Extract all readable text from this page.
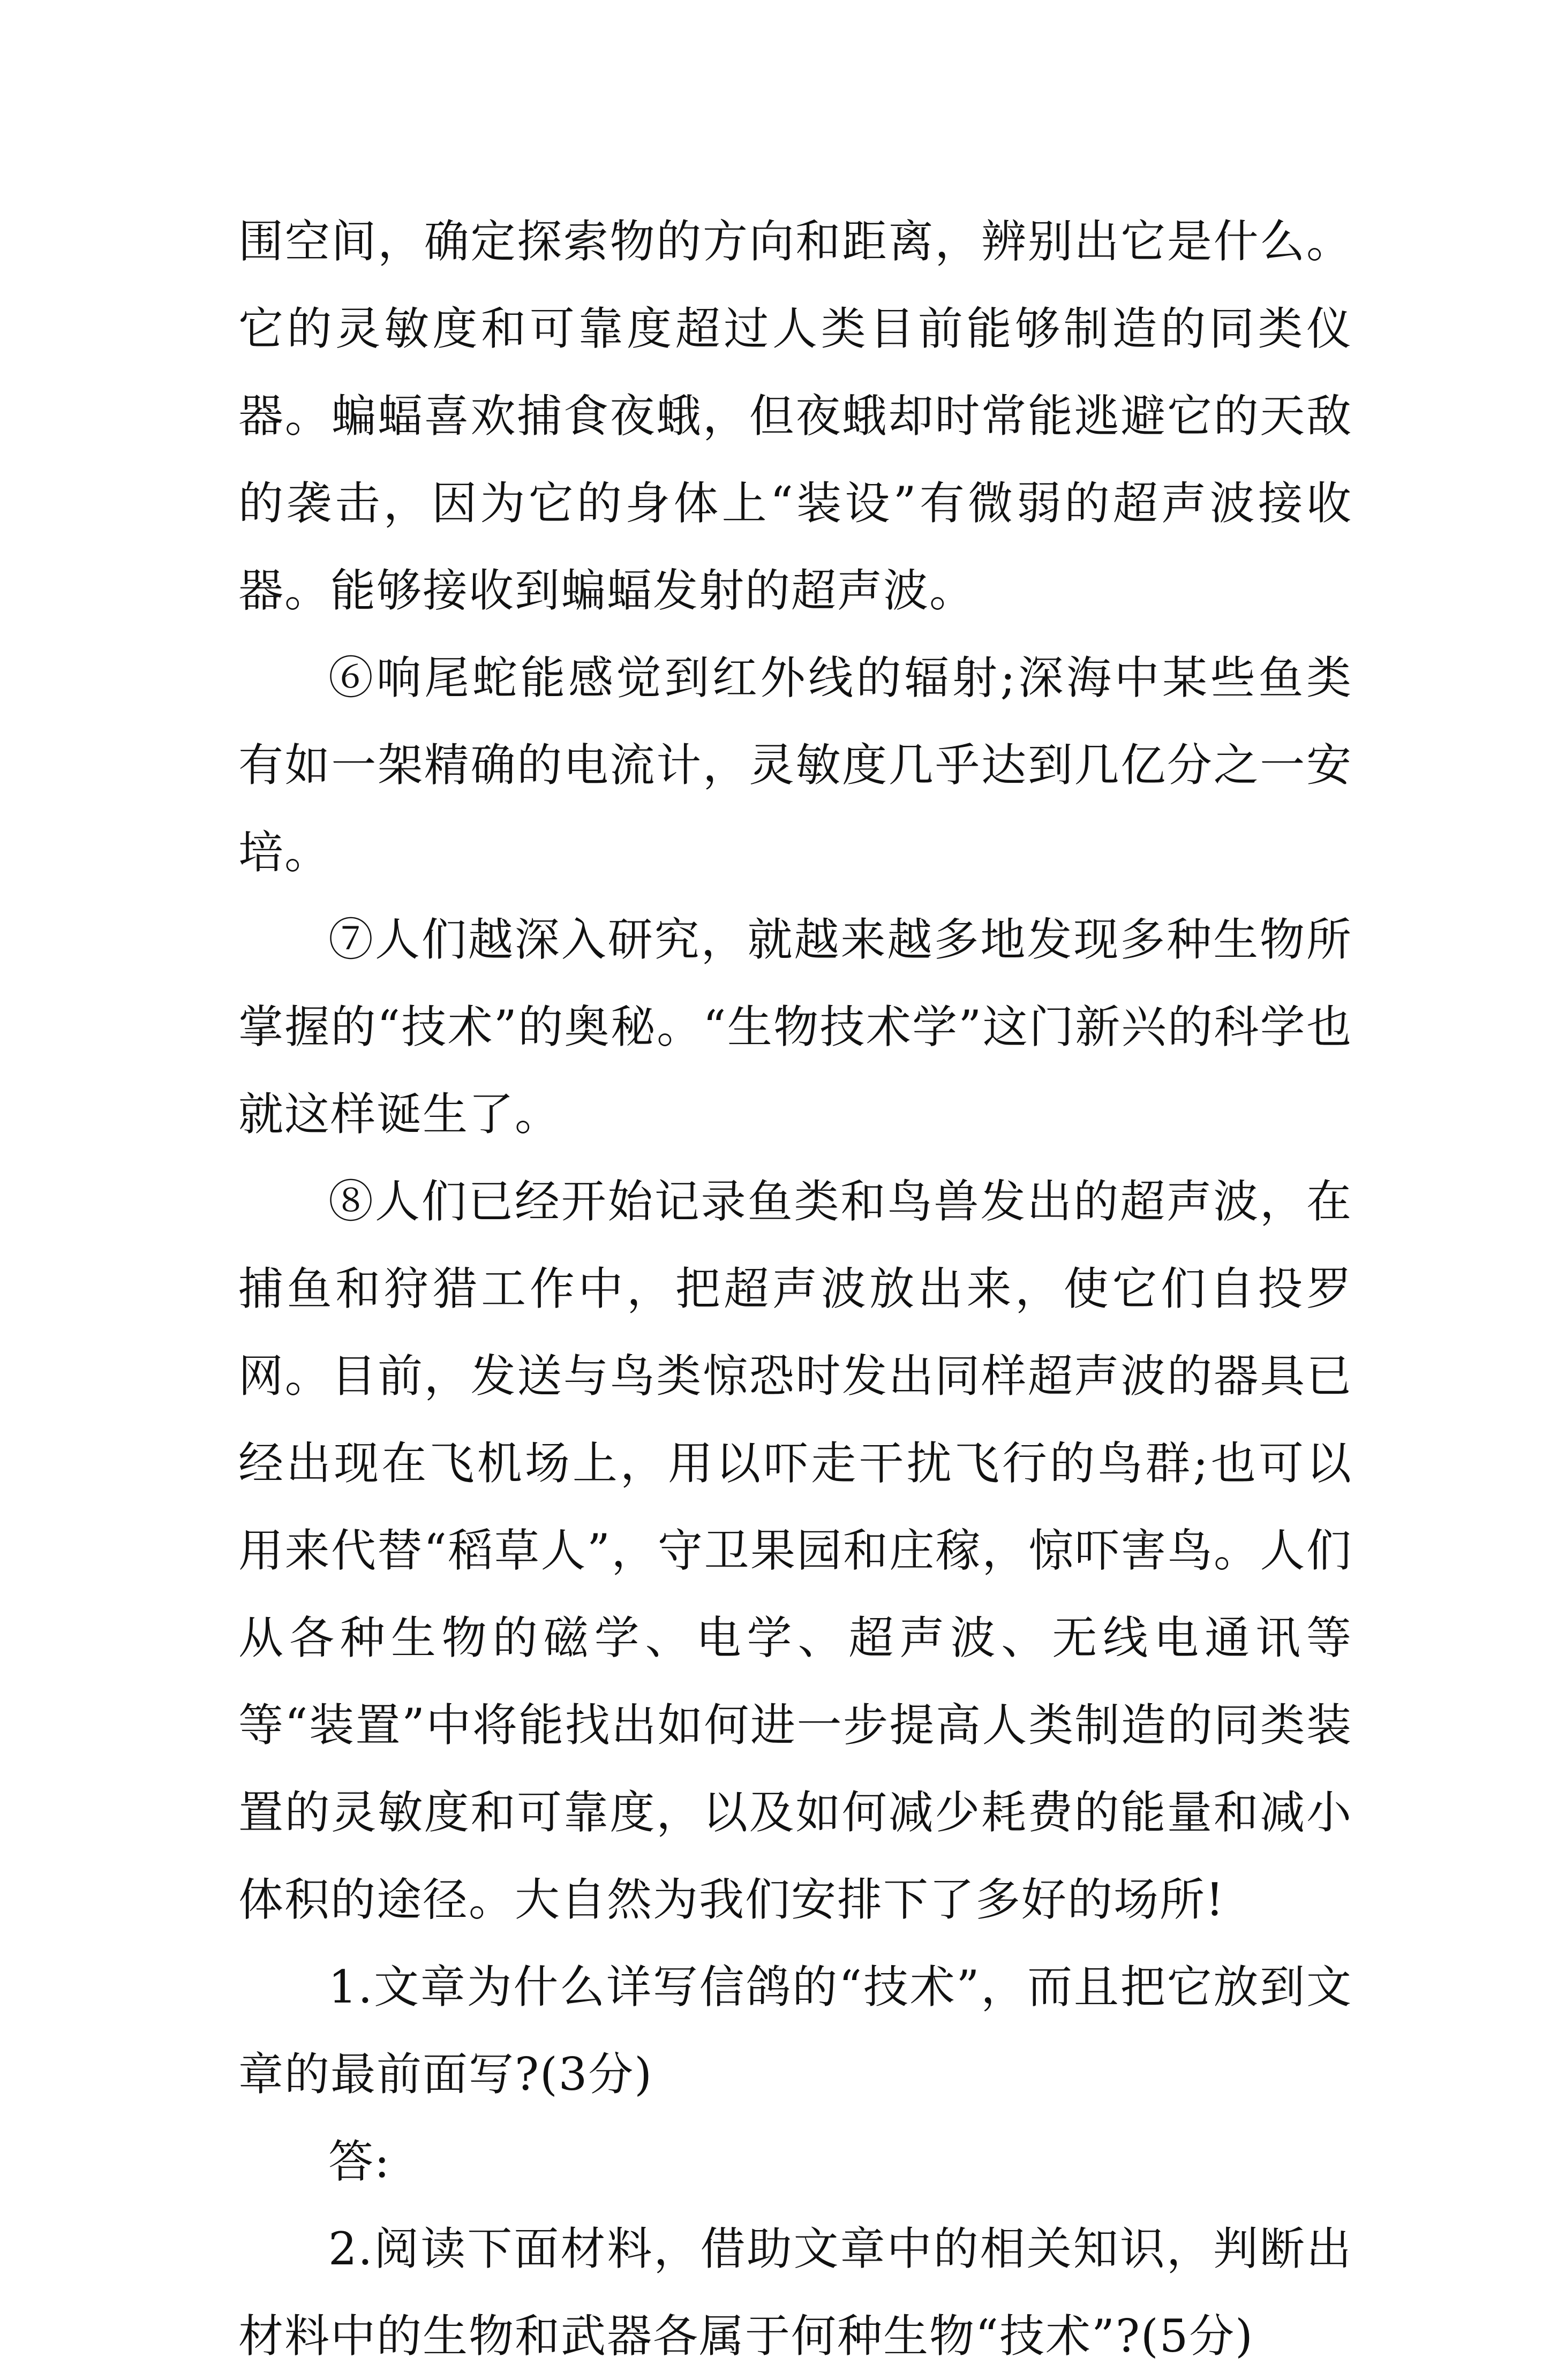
围空间，确定探索物的方向和距离，辨别出它是什么。它的灵敏度和可靠度超过人类目前能够制造的同类仪器。蝙蝠喜欢捕食夜蛾，但夜蛾却时常能逃避它的天敌的袭击，因为它的身体上“装设”有微弱的超声波接收器。能够接收到蝙蝠发射的超声波。

⑥响尾蛇能感觉到红外线的辐射;深海中某些鱼类有如一架精确的电流计，灵敏度几乎达到几亿分之一安培。

⑦人们越深入研究，就越来越多地发现多种生物所掌握的“技术”的奥秘。“生物技术学”这门新兴的科学也就这样诞生了。

⑧人们已经开始记录鱼类和鸟兽发出的超声波，在捕鱼和狩猎工作中，把超声波放出来，使它们自投罗网。目前，发送与鸟类惊恐时发出同样超声波的器具已经出现在飞机场上，用以吓走干扰飞行的鸟群;也可以用来代替“稻草人”，守卫果园和庄稼，惊吓害鸟。人们从各种生物的磁学、电学、超声波、无线电通讯等等“装置”中将能找出如何进一步提高人类制造的同类装置的灵敏度和可靠度，以及如何减少耗费的能量和减小体积的途径。大自然为我们安排下了多好的场所!

1.文章为什么详写信鸽的“技术”，而且把它放到文章的最前面写?(3分)

答:

2.阅读下面材料，借助文章中的相关知识，判断出材料中的生物和武器各属于何种生物“技术”?(5分)
